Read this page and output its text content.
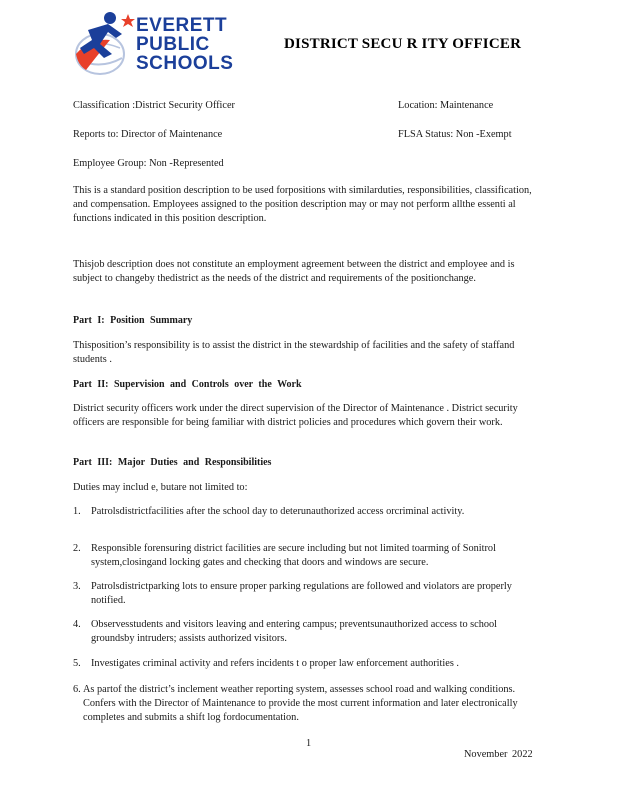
EVERETT
PUBLIC
SCHOOLS
DISTRICT SECU R ITY OFFICER
Classification :District Security Officer	Location: Maintenance
Reports to: Director of Maintenance	FLSA Status: Non -Exempt
Employee Group: Non -Represented

This is a standard position description to be used forpositions with similarduties, responsibilities, classification, and compensation. Employees assigned to the position description may or may not perform allthe essenti al functions indicated in this position description.

Thisjob description does not constitute an employment agreement between the district and employee and is subject to changeby thedistrict as the needs of the district and requirements of the positionchange.

Part I: Position Summary

Thisposition’s responsibility is to assist the district in the stewardship of facilities and the safety of staffand students .

Part II: Supervision and Controls over the Work

District security officers work under the direct supervision of the Director of Maintenance . District security officers are responsible for being familiar with district policies and procedures which govern their work.

Part III: Major Duties and Responsibilities
Duties may includ e, butare not limited to:
1. Patrolsdistrictfacilities after the school day to deterunauthorized access orcriminal activity.
2. Responsible forensuring district facilities are secure including but not limited toarming of Sonitrol system,closingand locking gates and checking that doors and windows are secure.
3. Patrolsdistrictparking lots to ensure proper parking regulations are followed and violators are properly notified.
4. Observesstudents and visitors leaving and entering campus; preventsunauthorized access to school groundsby intruders; assists authorized visitors.
5. Investigates criminal activity and refers incidents t o proper law enforcement authorities .
6. As partof the district’s inclement weather reporting system, assesses school road and walking conditions. Confers with the Director of Maintenance to provide the most current information and later electronically completes and submits a shift log fordocumentation.
1
November 2022
